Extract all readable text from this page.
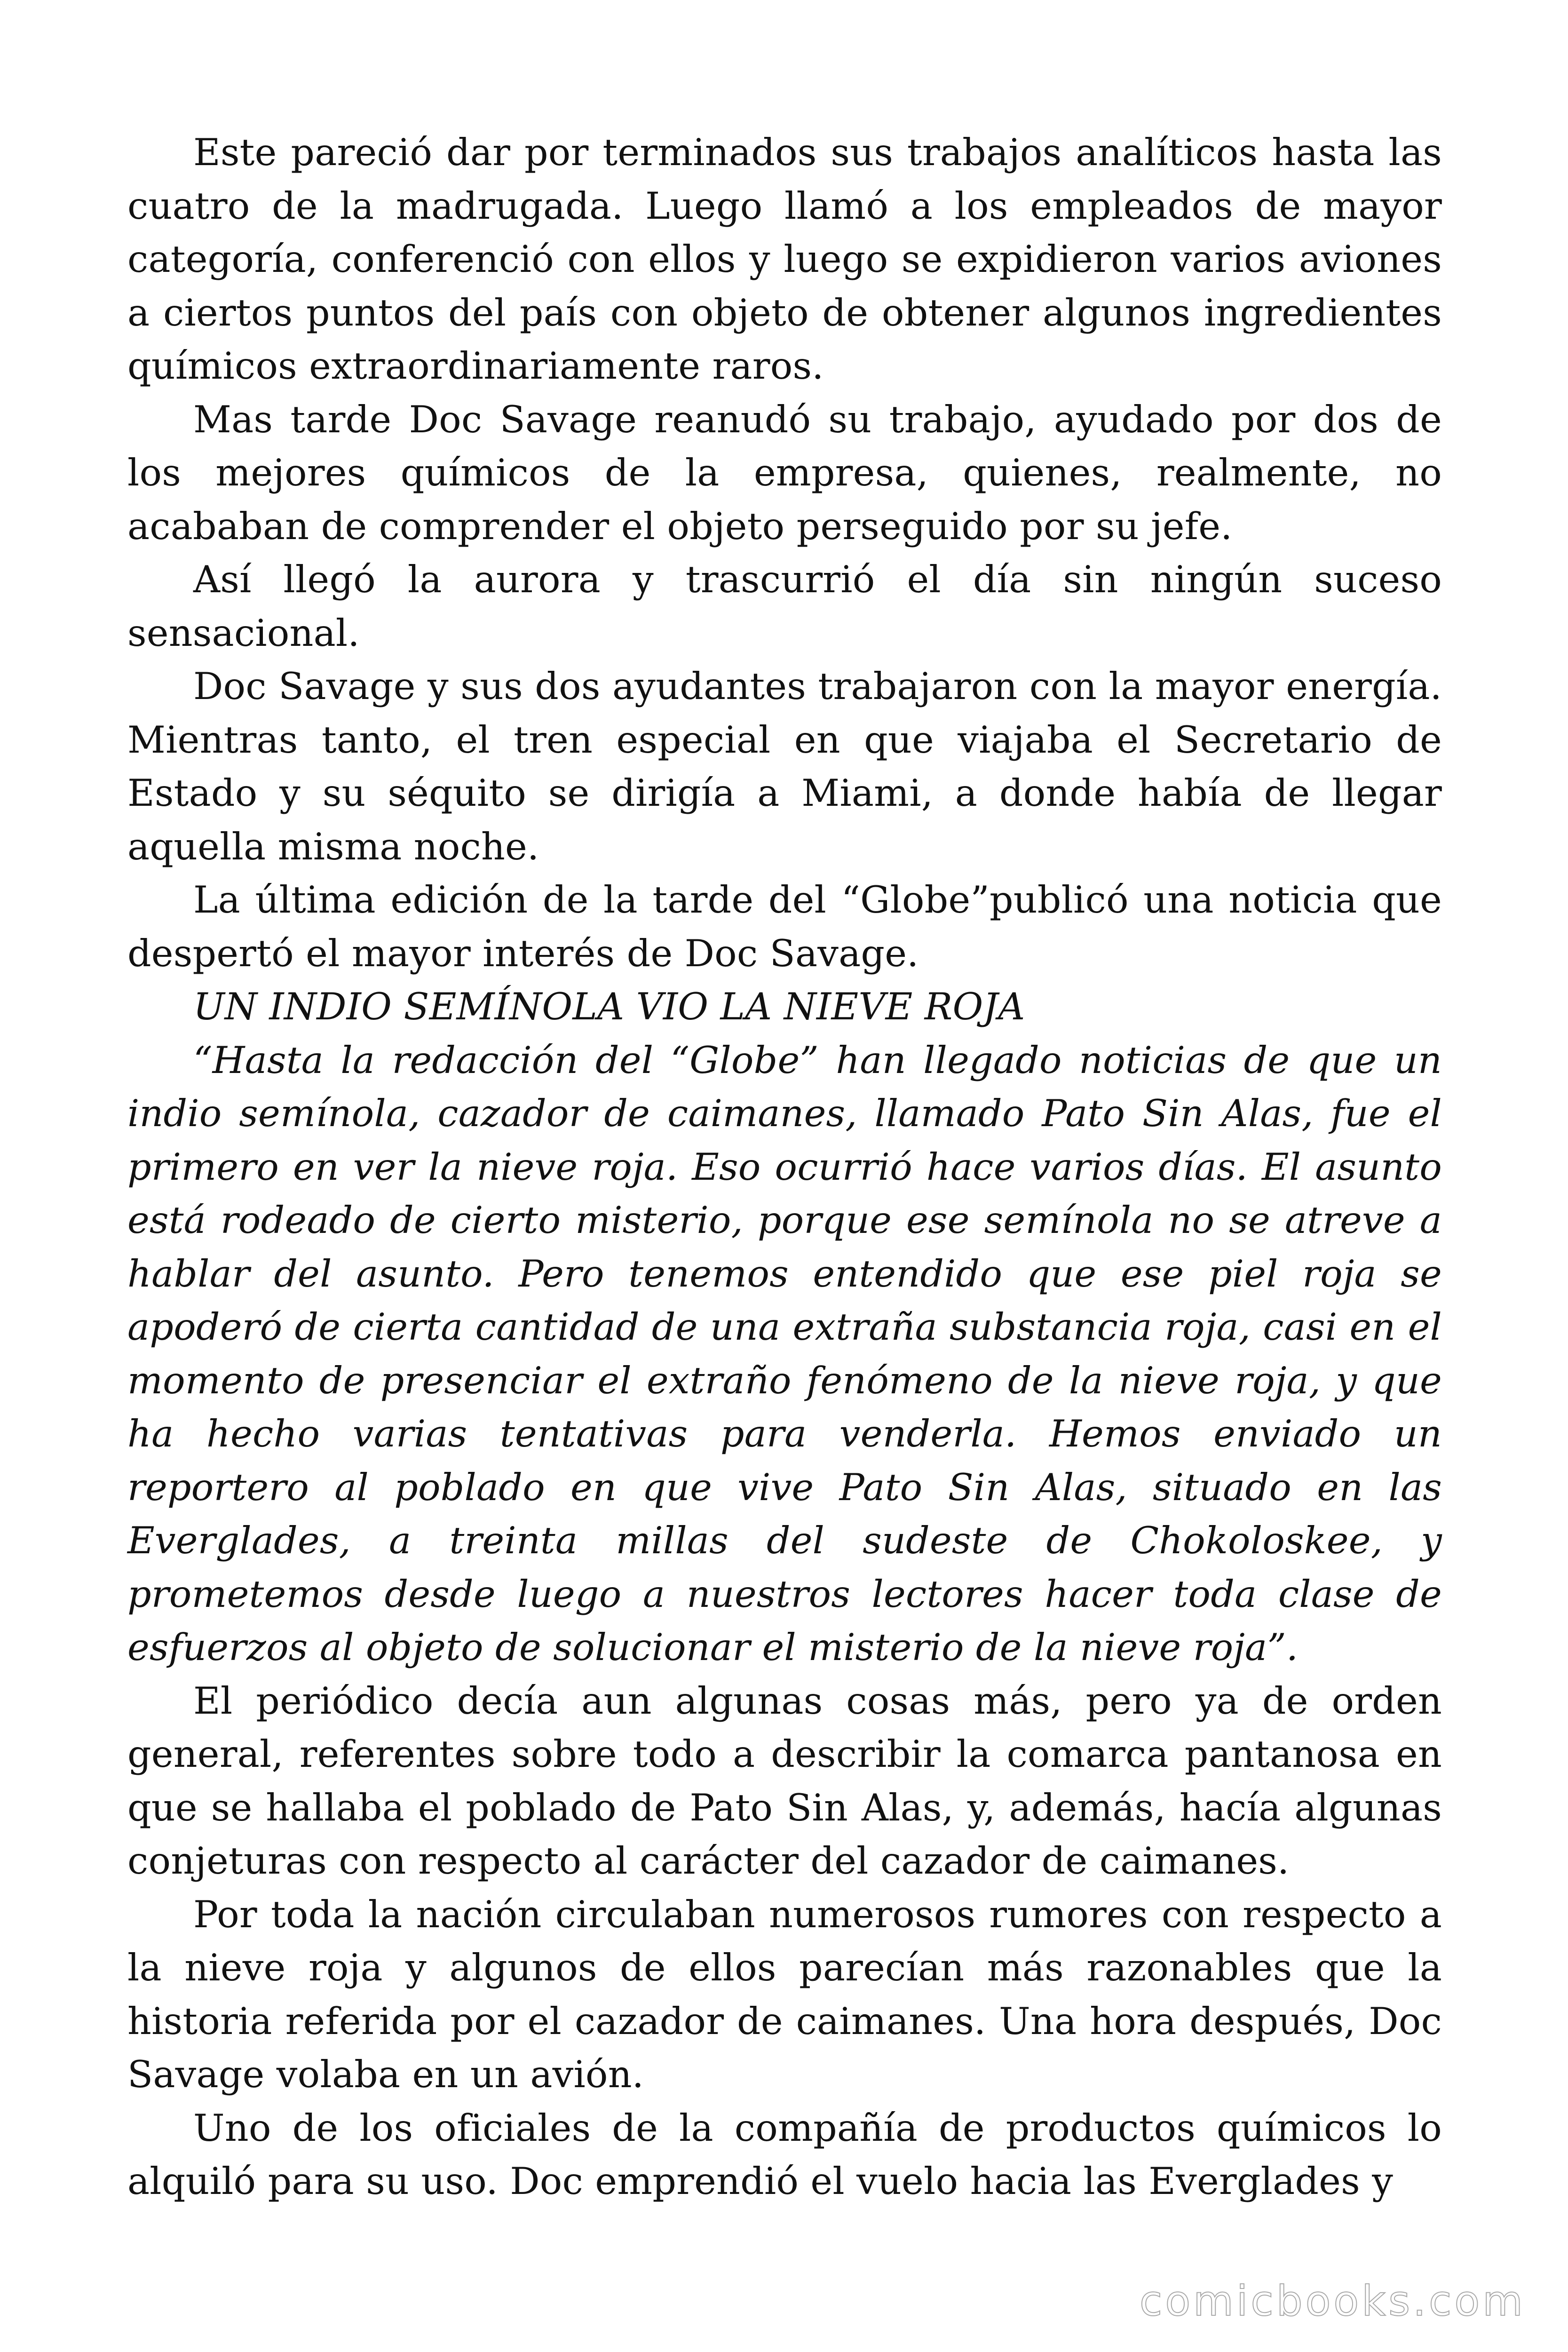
Este pareció dar por terminados sus trabajos analíticos hasta las cuatro de la madrugada. Luego llamó a los empleados de mayor categoría, conferenció con ellos y luego se expidieron varios aviones a ciertos puntos del país con objeto de obtener algunos ingredientes químicos extraordinariamente raros.

Mas tarde Doc Savage reanudó su trabajo, ayudado por dos de los mejores químicos de la empresa, quienes, realmente, no acababan de comprender el objeto perseguido por su jefe.

Así llegó la aurora y trascurrió el día sin ningún suceso sensacional.

Doc Savage y sus dos ayudantes trabajaron con la mayor energía. Mientras tanto, el tren especial en que viajaba el Secretario de Estado y su séquito se dirigía a Miami, a donde había de llegar aquella misma noche.

La última edición de la tarde del “Globe”publicó una noticia que despertó el mayor interés de Doc Savage.

UN INDIO SEMÍNOLA VIO LA NIEVE ROJA

“Hasta la redacción del “Globe” han llegado noticias de que un indio semínola, cazador de caimanes, llamado Pato Sin Alas, fue el primero en ver la nieve roja. Eso ocurrió hace varios días. El asunto está rodeado de cierto misterio, porque ese semínola no se atreve a hablar del asunto. Pero tenemos entendido que ese piel roja se apoderó de cierta cantidad de una extraña substancia roja, casi en el momento de presenciar el extraño fenómeno de la nieve roja, y que ha hecho varias tentativas para venderla. Hemos enviado un reportero al poblado en que vive Pato Sin Alas, situado en las Everglades, a treinta millas del sudeste de Chokoloskee, y prometemos desde luego a nuestros lectores hacer toda clase de esfuerzos al objeto de solucionar el misterio de la nieve roja”.

El periódico decía aun algunas cosas más, pero ya de orden general, referentes sobre todo a describir la comarca pantanosa en que se hallaba el poblado de Pato Sin Alas, y, además, hacía algunas conjeturas con respecto al carácter del cazador de caimanes.

Por toda la nación circulaban numerosos rumores con respecto a la nieve roja y algunos de ellos parecían más razonables que la historia referida por el cazador de caimanes. Una hora después, Doc Savage volaba en un avión.

Uno de los oficiales de la compañía de productos químicos lo alquiló para su uso. Doc emprendió el vuelo hacia las Everglades y

comicbooks.com
